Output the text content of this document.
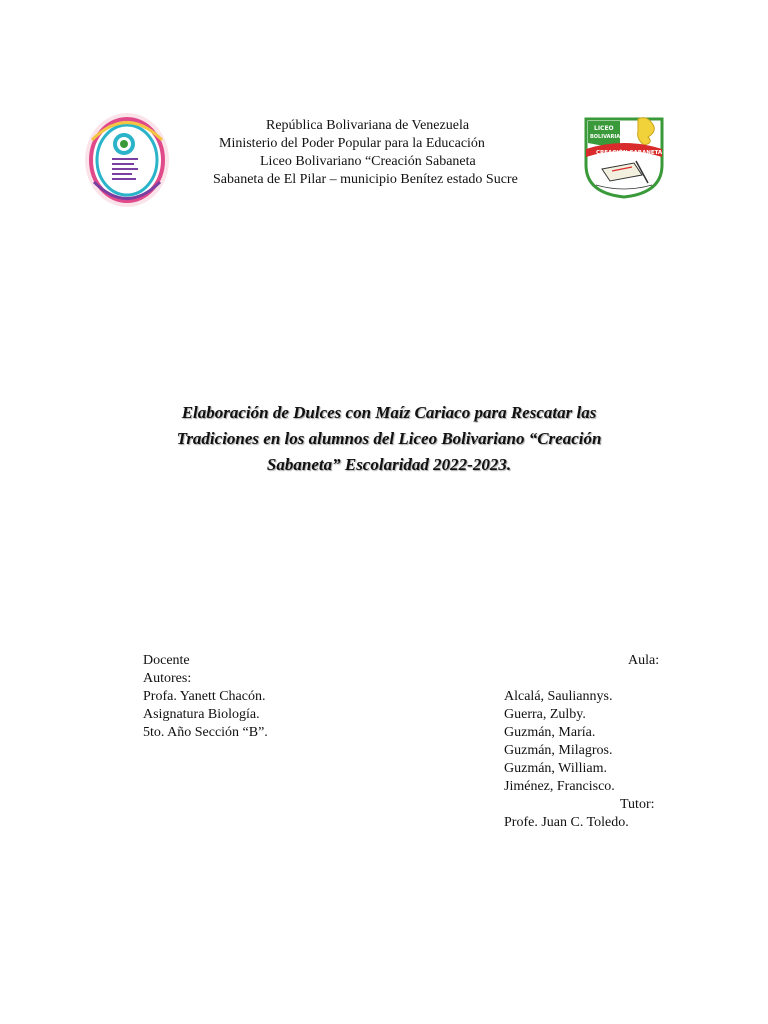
República Bolivariana de Venezuela
Ministerio del Poder Popular para la Educación
Liceo Bolivariano “Creación Sabaneta
Sabaneta de El Pilar – municipio Benítez estado Sucre
LICEO
BOLIVARIANO
CREACIÓN SABANETA
Elaboración de Dulces con Maíz Cariaco para Rescatar las
Tradiciones en los alumnos del Liceo Bolivariano “Creación
Sabaneta” Escolaridad 2022-2023.
Docente
Autores:
Profa. Yanett Chacón.
Asignatura Biología.
5to. Año Sección “B”.
Aula:
Alcalá, Sauliannys.
Guerra, Zulby.
Guzmán, María.
Guzmán, Milagros.
Guzmán, William.
Jiménez, Francisco.
Tutor:
Profe. Juan C. Toledo.
